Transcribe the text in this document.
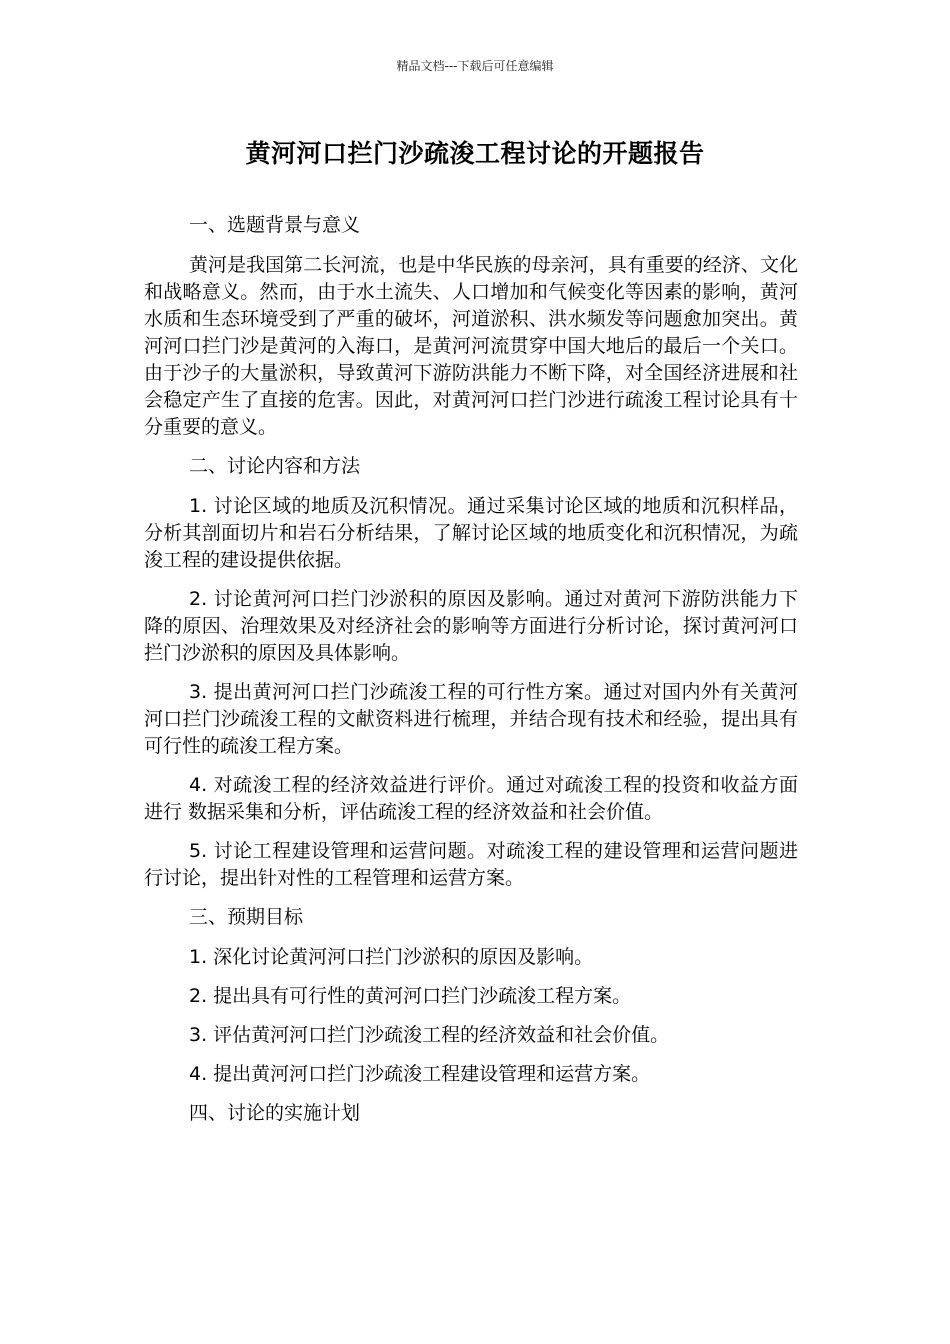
精品文档---下载后可任意编辑
黄河河口拦门沙疏浚工程讨论的开题报告

一、选题背景与意义

黄河是我国第二长河流，也是中华民族的母亲河，具有重要的经济、文化和战略意义。然而，由于水土流失、人口增加和气候变化等因素的影响，黄河水质和生态环境受到了严重的破坏，河道淤积、洪水频发等问题愈加突出。黄河河口拦门沙是黄河的入海口，是黄河河流贯穿中国大地后的最后一个关口。由于沙子的大量淤积，导致黄河下游防洪能力不断下降，对全国经济进展和社会稳定产生了直接的危害。因此，对黄河河口拦门沙进行疏浚工程讨论具有十分重要的意义。

二、讨论内容和方法

1. 讨论区域的地质及沉积情况。通过采集讨论区域的地质和沉积样品，分析其剖面切片和岩石分析结果，了解讨论区域的地质变化和沉积情况，为疏浚工程的建设提供依据。

2. 讨论黄河河口拦门沙淤积的原因及影响。通过对黄河下游防洪能力下降的原因、治理效果及对经济社会的影响等方面进行分析讨论，探讨黄河河口拦门沙淤积的原因及具体影响。

3. 提出黄河河口拦门沙疏浚工程的可行性方案。通过对国内外有关黄河河口拦门沙疏浚工程的文献资料进行梳理，并结合现有技术和经验，提出具有可行性的疏浚工程方案。

4. 对疏浚工程的经济效益进行评价。通过对疏浚工程的投资和收益方面进行 数据采集和分析，评估疏浚工程的经济效益和社会价值。

5. 讨论工程建设管理和运营问题。对疏浚工程的建设管理和运营问题进行讨论，提出针对性的工程管理和运营方案。

三、预期目标

1. 深化讨论黄河河口拦门沙淤积的原因及影响。

2. 提出具有可行性的黄河河口拦门沙疏浚工程方案。

3. 评估黄河河口拦门沙疏浚工程的经济效益和社会价值。

4. 提出黄河河口拦门沙疏浚工程建设管理和运营方案。

四、讨论的实施计划
